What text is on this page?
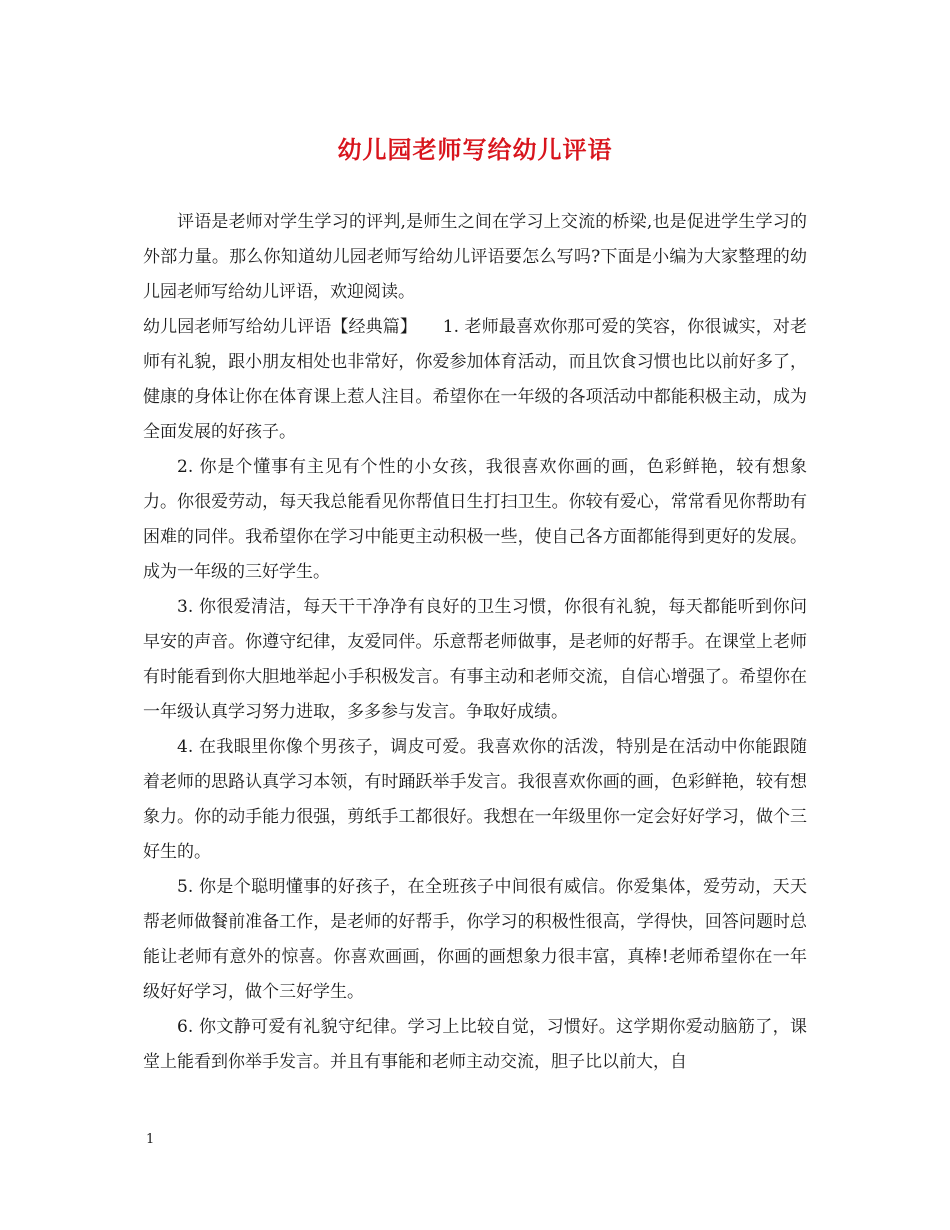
幼儿园老师写给幼儿评语

评语是老师对学生学习的评判,是师生之间在学习上交流的桥梁,也是促进学生学习的外部力量。那么你知道幼儿园老师写给幼儿评语要怎么写吗?下面是小编为大家整理的幼儿园老师写给幼儿评语，欢迎阅读。

幼儿园老师写给幼儿评语【经典篇】　　1. 老师最喜欢你那可爱的笑容，你很诚实，对老师有礼貌，跟小朋友相处也非常好，你爱参加体育活动，而且饮食习惯也比以前好多了，健康的身体让你在体育课上惹人注目。希望你在一年级的各项活动中都能积极主动，成为全面发展的好孩子。

2. 你是个懂事有主见有个性的小女孩，我很喜欢你画的画，色彩鲜艳，较有想象力。你很爱劳动，每天我总能看见你帮值日生打扫卫生。你较有爱心，常常看见你帮助有困难的同伴。我希望你在学习中能更主动积极一些，使自己各方面都能得到更好的发展。成为一年级的三好学生。

3. 你很爱清洁，每天干干净净有良好的卫生习惯，你很有礼貌，每天都能听到你问早安的声音。你遵守纪律，友爱同伴。乐意帮老师做事，是老师的好帮手。在课堂上老师有时能看到你大胆地举起小手积极发言。有事主动和老师交流，自信心增强了。希望你在一年级认真学习努力进取，多多参与发言。争取好成绩。

4. 在我眼里你像个男孩子，调皮可爱。我喜欢你的活泼，特别是在活动中你能跟随着老师的思路认真学习本领，有时踊跃举手发言。我很喜欢你画的画，色彩鲜艳，较有想象力。你的动手能力很强，剪纸手工都很好。我想在一年级里你一定会好好学习，做个三好生的。

5. 你是个聪明懂事的好孩子，在全班孩子中间很有威信。你爱集体，爱劳动，天天帮老师做餐前准备工作，是老师的好帮手，你学习的积极性很高，学得快，回答问题时总能让老师有意外的惊喜。你喜欢画画，你画的画想象力很丰富，真棒!老师希望你在一年级好好学习，做个三好学生。

6. 你文静可爱有礼貌守纪律。学习上比较自觉，习惯好。这学期你爱动脑筋了，课堂上能看到你举手发言。并且有事能和老师主动交流，胆子比以前大，自

1
